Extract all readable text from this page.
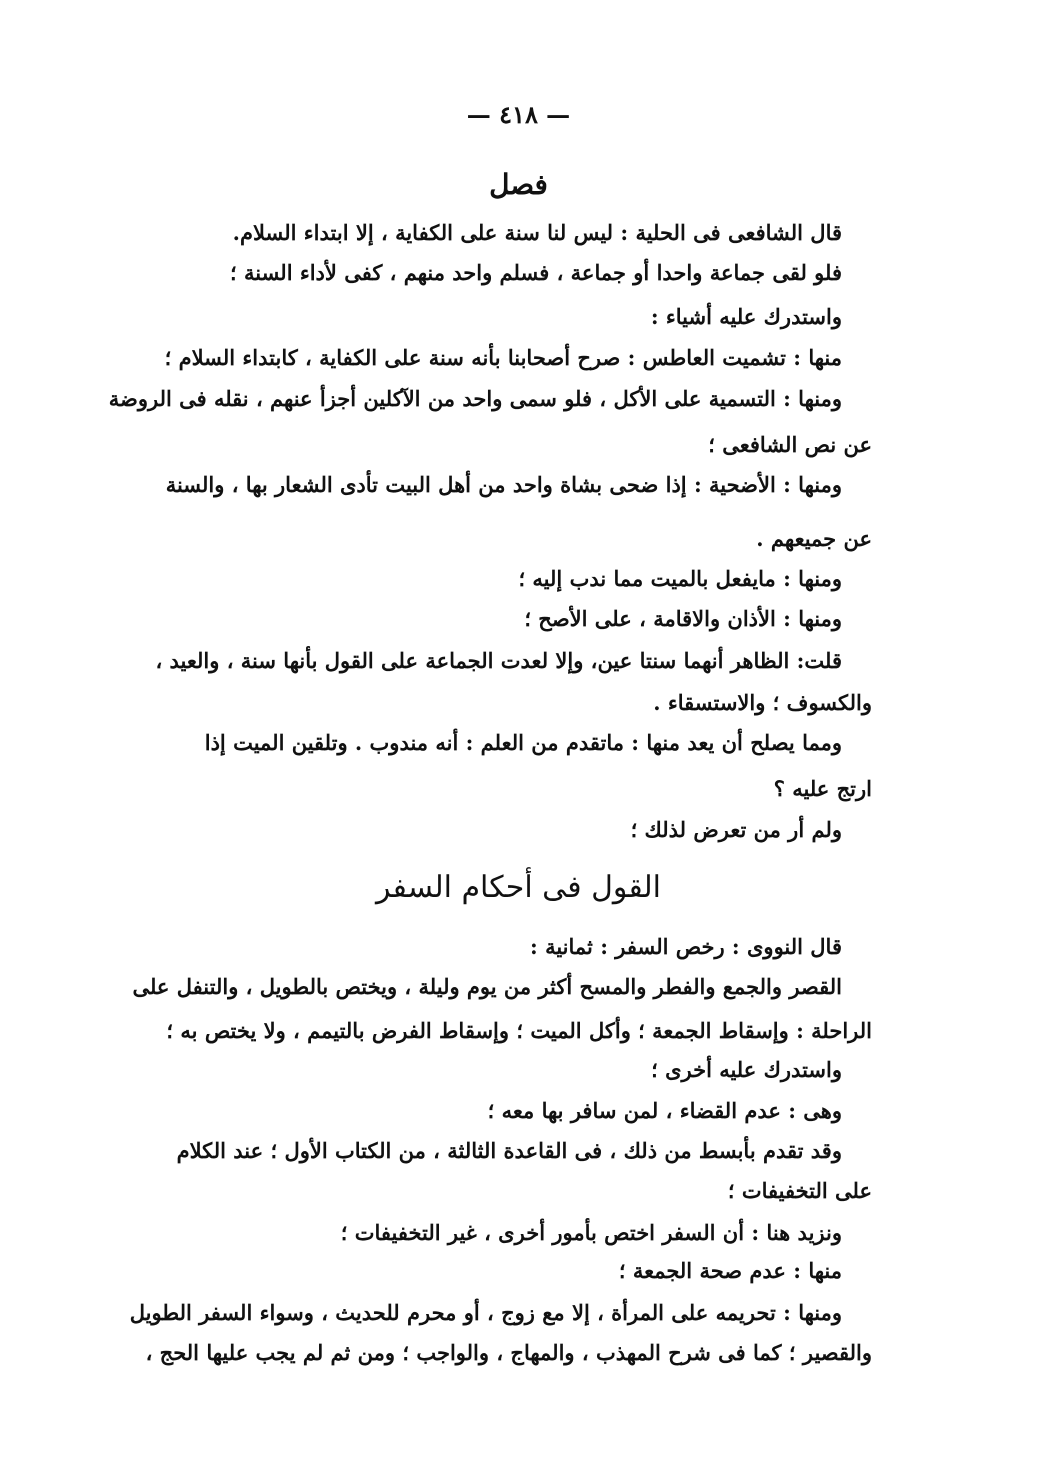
— ٤١٨ —
فصل
قال الشافعى فى الحلية : ليس لنا سنة على الكفاية ، إلا ابتداء السلام.
فلو لقى جماعة واحدا أو جماعة ، فسلم واحد منهم ، كفى لأداء السنة ؛
واستدرك عليه أشياء :
منها : تشميت العاطس : صرح أصحابنا بأنه سنة على الكفاية ، كابتداء السلام ؛
ومنها : التسمية على الأكل ، فلو سمى واحد من الآكلين أجزأ عنهم ، نقله فى الروضة
عن نص الشافعى ؛
ومنها : الأضحية : إذا ضحى بشاة واحد من أهل البيت تأدى الشعار بها ، والسنة
عن جميعهم .
ومنها : مايفعل بالميت مما ندب إليه ؛
ومنها : الأذان والاقامة ، على الأصح ؛
قلت: الظاهر أنهما سنتا عين، وإلا لعدت الجماعة على القول بأنها سنة ، والعيد ،
والكسوف ؛ والاستسقاء .
ومما يصلح أن يعد منها : ماتقدم من العلم : أنه مندوب . وتلقين الميت إذا
ارتج عليه ؟
ولم أر من تعرض لذلك ؛
القول فى أحكام السفر
قال النووى : رخص السفر : ثمانية :
القصر والجمع والفطر والمسح أكثر من يوم وليلة ، ويختص بالطويل ، والتنفل على
الراحلة : وإسقاط الجمعة ؛ وأكل الميت ؛ وإسقاط الفرض بالتيمم ، ولا يختص به ؛
واستدرك عليه أخرى ؛
وهى : عدم القضاء ، لمن سافر بها معه ؛
وقد تقدم بأبسط من ذلك ، فى القاعدة الثالثة ، من الكتاب الأول ؛ عند الكلام
على التخفيفات ؛
ونزيد هنا : أن السفر اختص بأمور أخرى ، غير التخفيفات ؛
منها : عدم صحة الجمعة ؛
ومنها : تحريمه على المرأة ، إلا مع زوج ، أو محرم للحديث ، وسواء السفر الطويل
والقصير ؛ كما فى شرح المهذب ، والمهاج ، والواجب ؛ ومن ثم لم يجب عليها الحج ،
